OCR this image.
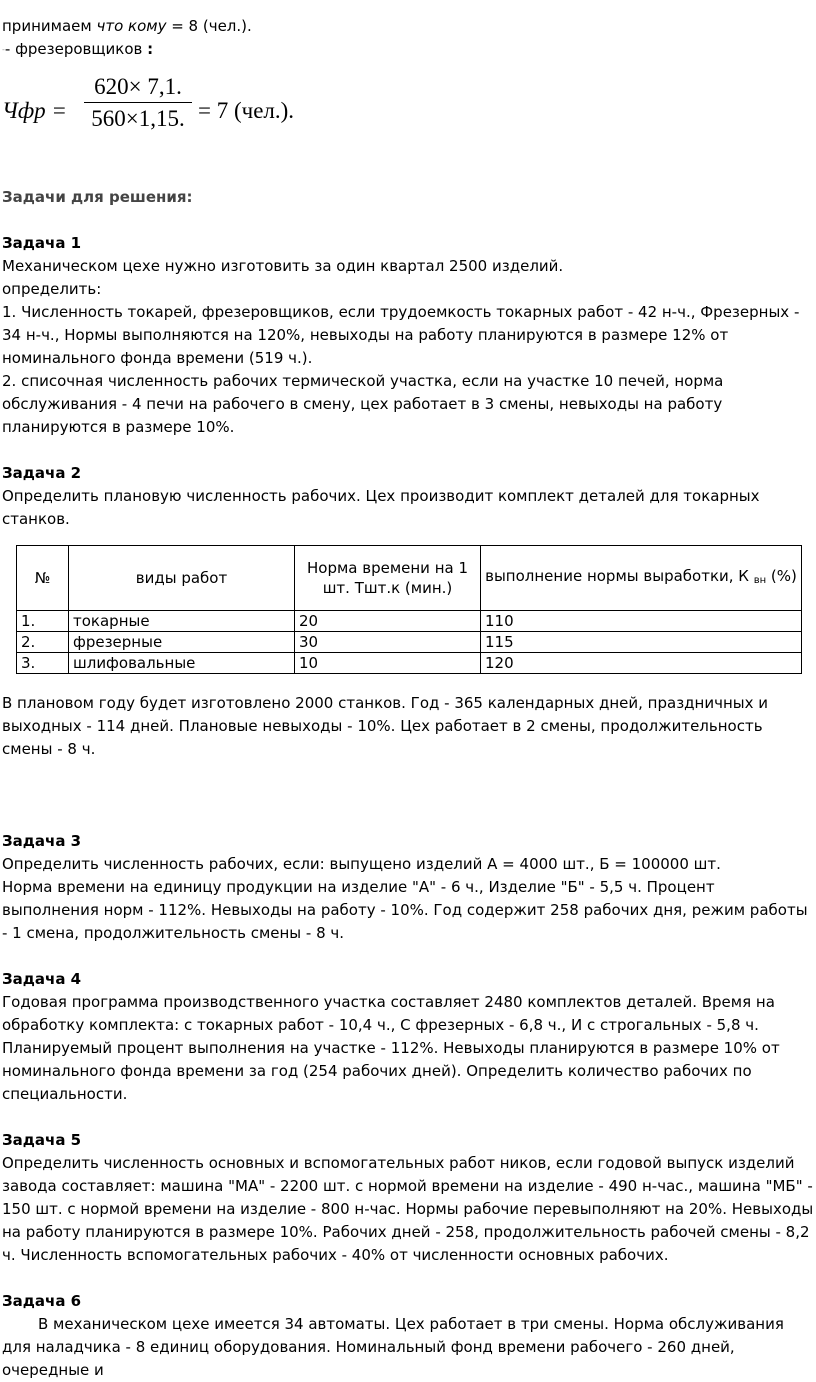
принимаем что кому = 8 (чел.).

-- фрезеровщиков :

Чфр = $\frac{620\times 7,1.}{560\times 1,15.} = 7$ (чел.).
Задачи для решения:

Задача 1

Механическом цехе нужно изготовить за один квартал 2500 изделий.

определить:

1. Численность токарей, фрезеровщиков, если трудоемкость токарных работ - 42 н-ч., Фрезерных - 34 н-ч., Нормы выполняются на 120%, невыходы на работу планируются в размере 12% от номинального фонда времени (519 ч.).

2. списочная численность рабочих термической участка, если на участке 10 печей, норма обслуживания - 4 печи на рабочего в смену, цех работает в 3 смены, невыходы на работу планируются в размере 10%.

Задача 2

Определить плановую численность рабочих. Цех производит комплект деталей для токарных станков.

№	виды работ	Норма времени на 1 шт. Тшт.к (мин.)	выполнение нормы выработки, К $_{вн}$ (%)
1.	токарные	20	110
2.	фрезерные	30	115
3.	шлифовальные	10	120

В плановом году будет изготовлено 2000 станков. Год - 365 календарных дней, праздничных и выходных - 114 дней. Плановые невыходы - 10%. Цех работает в 2 смены, продолжительность смены - 8 ч.

Задача 3

Определить численность рабочих, если: выпущено изделий А = 4000 шт., Б = 100000 шт.

Норма времени на единицу продукции на изделие "А" - 6 ч., Изделие "Б" - 5,5 ч. Процент выполнения норм - 112%. Невыходы на работу - 10%. Год содержит 258 рабочих дня, режим работы - 1 смена, продолжительность смены - 8 ч.

Задача 4

Годовая программа производственного участка составляет 2480 комплектов деталей. Время на обработку комплекта: с токарных работ - 10,4 ч., С фрезерных - 6,8 ч., И с строгальных - 5,8 ч. Планируемый процент выполнения на участке - 112%. Невыходы планируются в размере 10% от номинального фонда времени за год (254 рабочих дней). Определить количество рабочих по специальности.

Задача 5

Определить численность основных и вспомогательных работ ников, если годовой выпуск изделий завода составляет: машина "МА" - 2200 шт. с нормой времени на изделие - 490 н-час., машина "МБ" - 150 шт. с нормой времени на изделие - 800 н-час. Нормы рабочие перевыполняют на 20%. Невыходы на работу планируются в размере 10%. Рабочих дней - 258, продолжительность рабочей смены - 8,2 ч. Численность вспомогательных рабочих - 40% от численности основных рабочих.

Задача 6

В механическом цехе имеется 34 автоматы. Цех работает в три смены. Норма обслуживания для наладчика - 8 единиц оборудования. Номинальный фонд времени рабочего - 260 дней, очередные и
